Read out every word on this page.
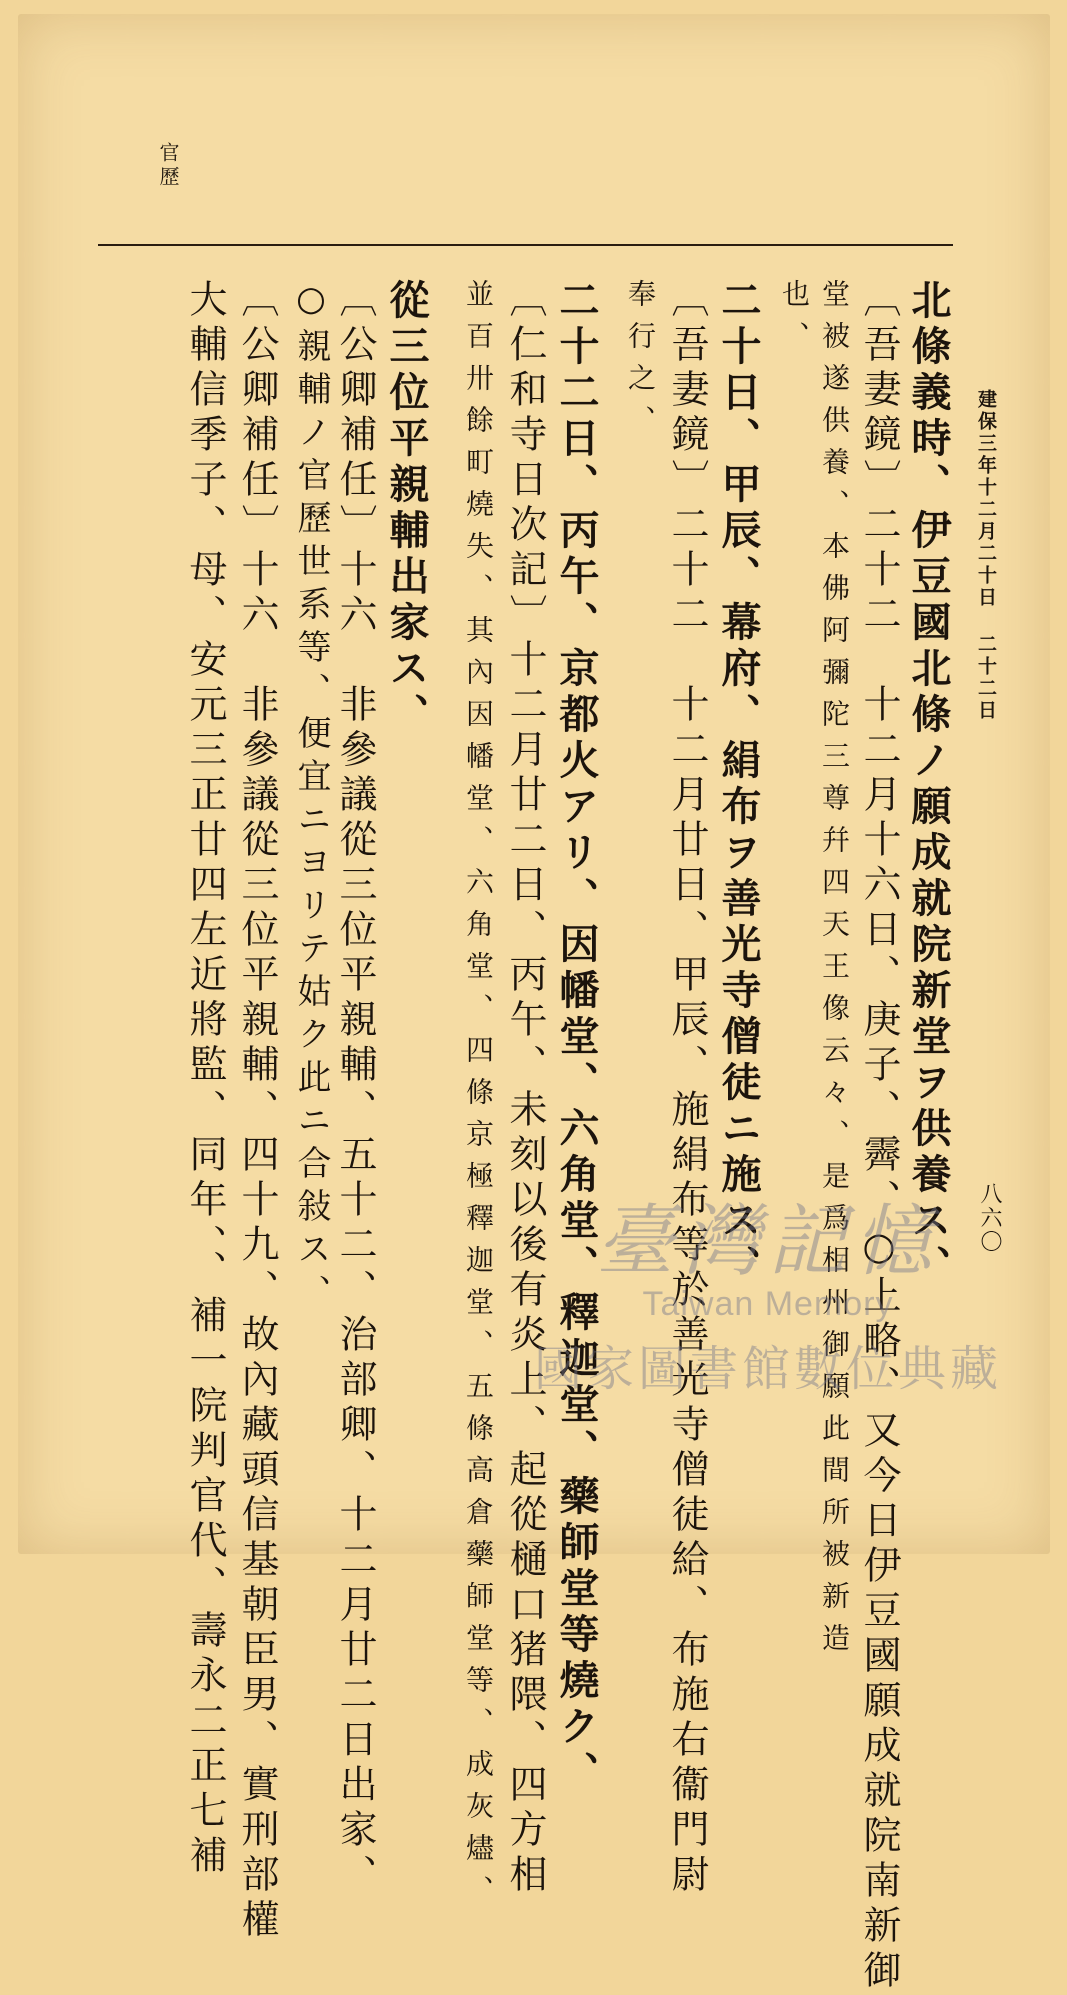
官歷
建保三年十二月二十日 二十二日
八六〇
北條義時、伊豆國北條ノ願成就院新堂ヲ供養ス、
〔吾妻鏡〕二十二　十二月十六日、庚子、霽、○上略、又今日伊豆國願成就院南新御
堂被遂供養、本佛阿彌陀三尊幷四天王像云々、是爲相州御願此間所被新造
也、
二十日、甲辰、幕府、絹布ヲ善光寺僧徒ニ施ス、
〔吾妻鏡〕二十二　十二月廿日、甲辰、施絹布等於善光寺僧徒給、布施右衞門尉
奉行之、
二十二日、丙午、京都火アリ、因幡堂、六角堂、釋迦堂、藥師堂等燒ク、
〔仁和寺日次記〕十二月廿二日、丙午、未刻以後有炎上、起從樋口猪隈、四方相
並百卅餘町燒失、其內因幡堂、六角堂、四條京極釋迦堂、五條高倉藥師堂等、成灰燼、
從三位平親輔出家ス、
〔公卿補任〕十六　非參議從三位平親輔、五十二、治部卿、十二月廿二日出家、
○親輔ノ官歷世系等、便宜ニヨリテ姑ク此ニ合敍ス、
〔公卿補任〕十六　非參議從三位平親輔、四十九、故內藏頭信基朝臣男、實刑部權
大輔信季子、母、安元三正廿四左近將監、同年、、補一院判官代、壽永二正七補	臺灣記憶
Taiwan Memory
國家圖書館數位典藏
